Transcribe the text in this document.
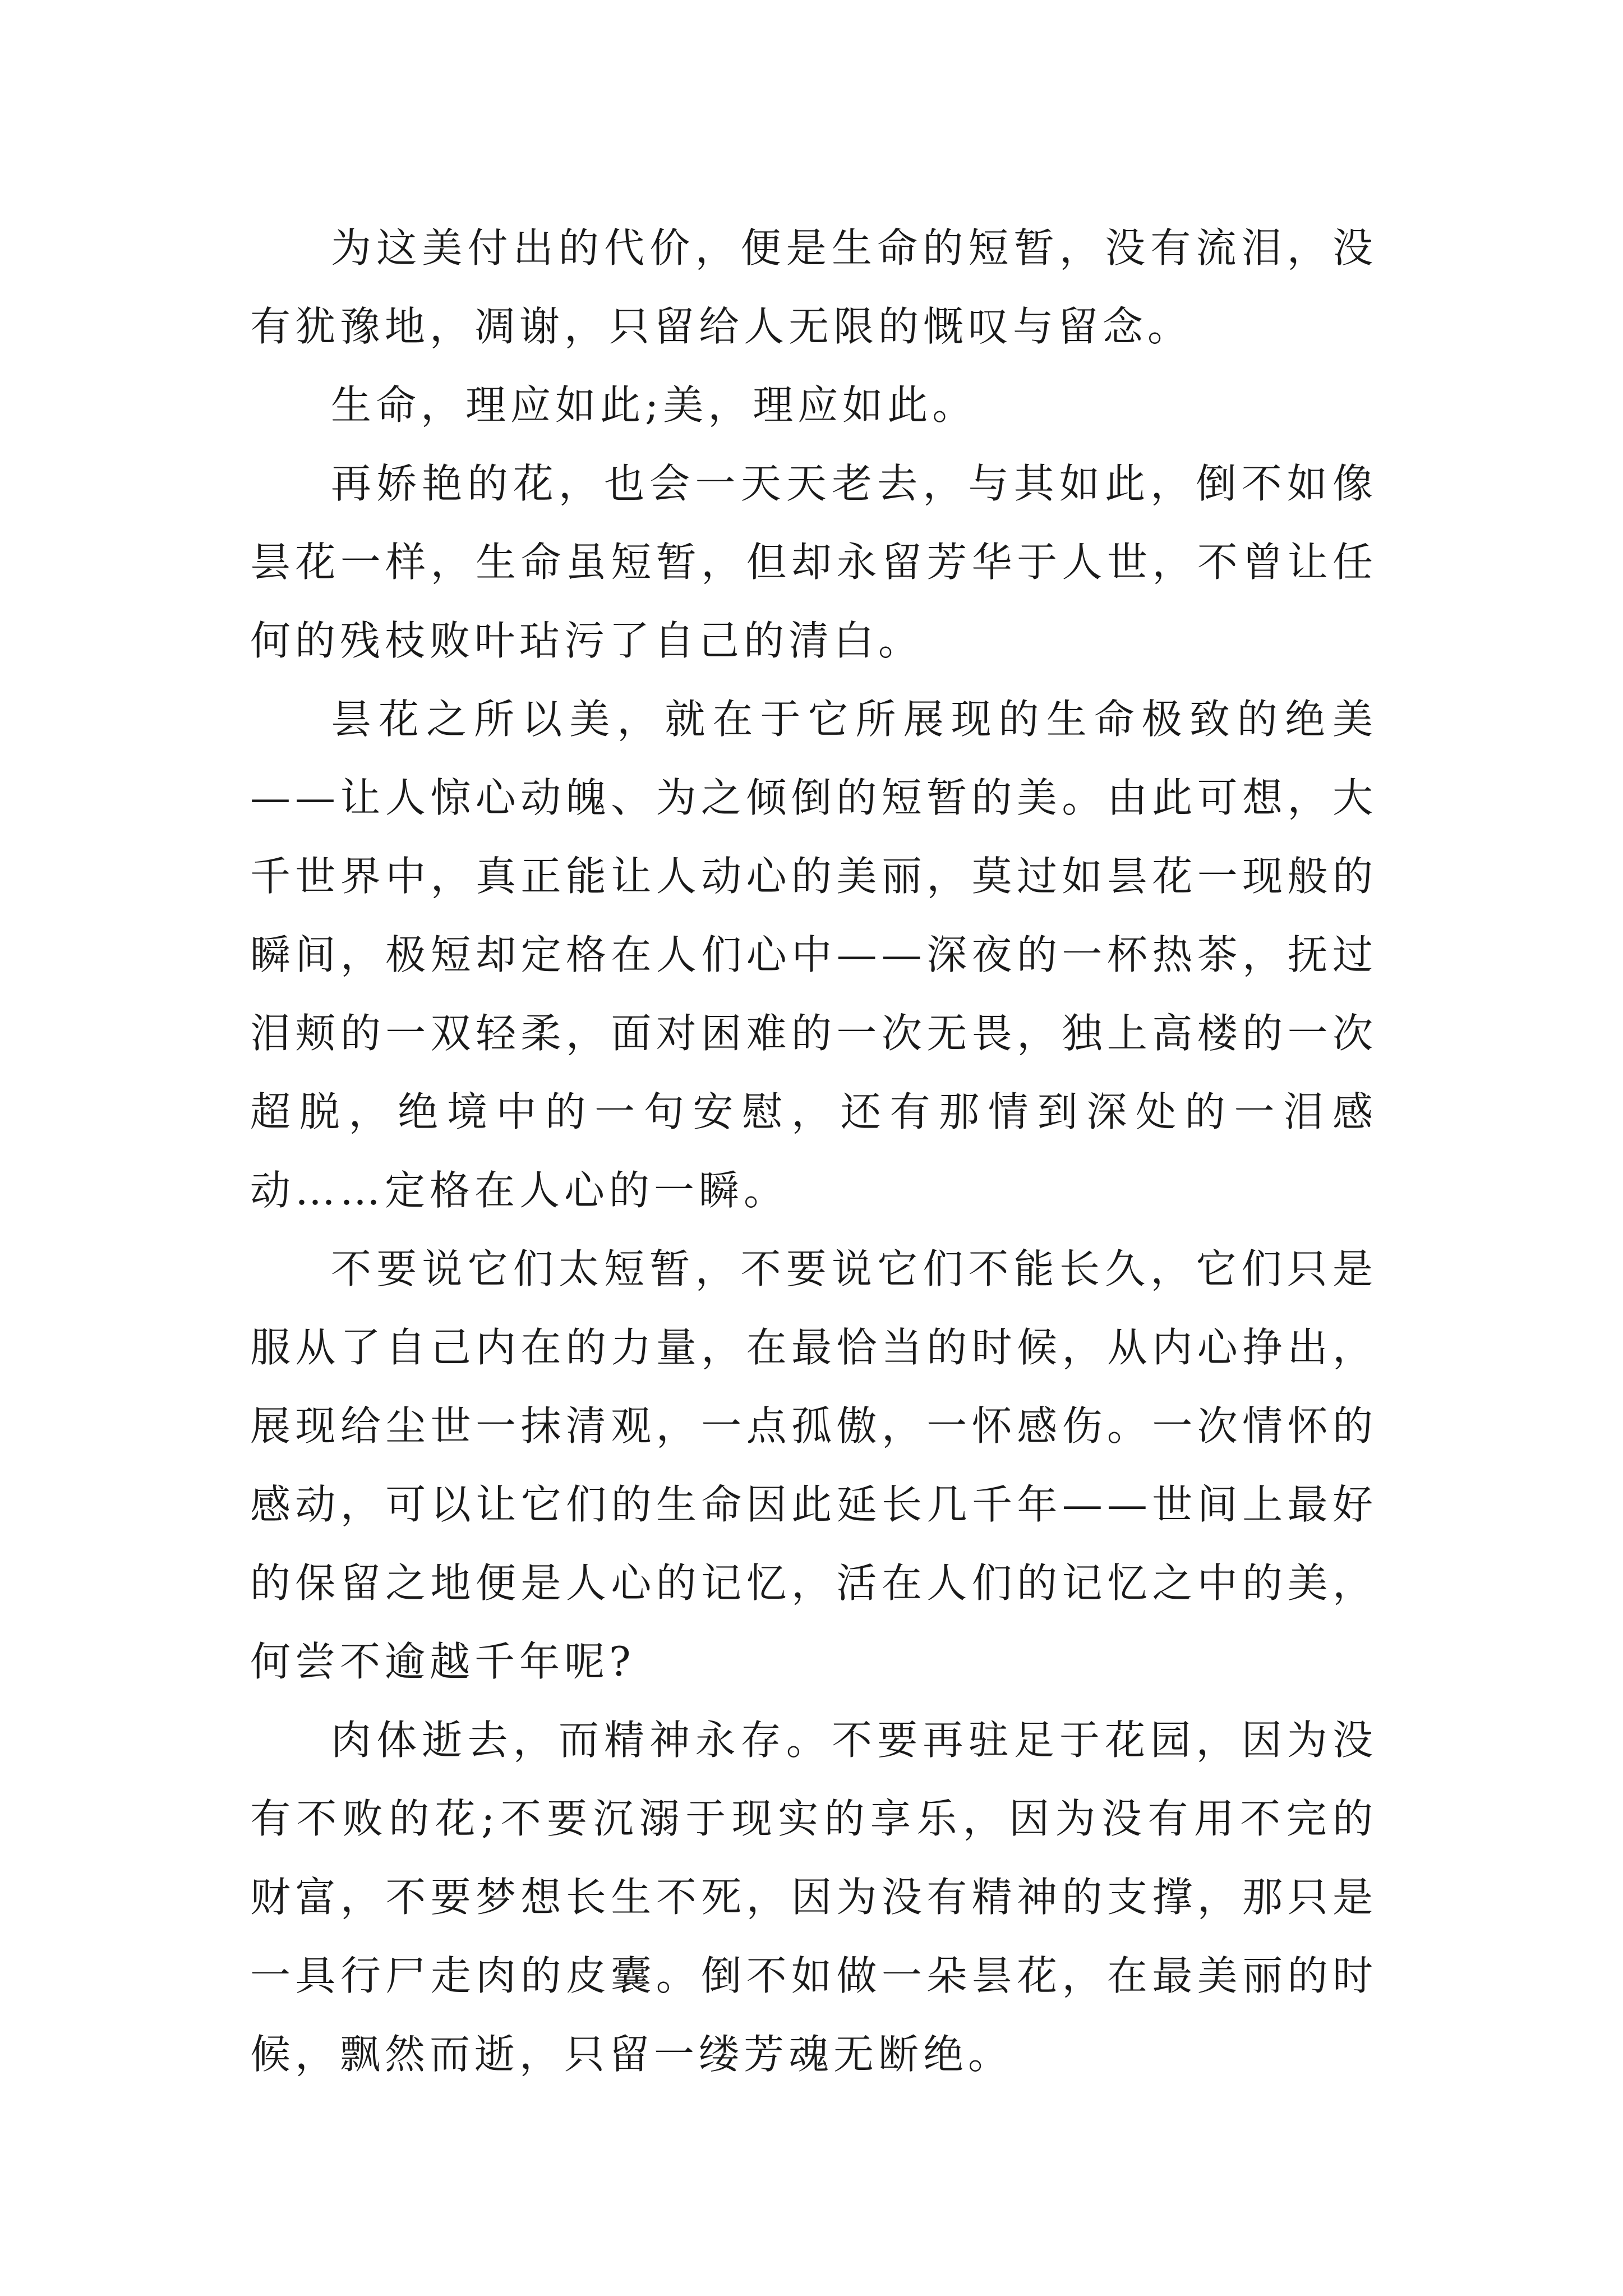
为这美付出的代价，便是生命的短暂，没有流泪，没有犹豫地，凋谢，只留给人无限的慨叹与留念。

生命，理应如此;美，理应如此。

再娇艳的花，也会一天天老去，与其如此，倒不如像昙花一样，生命虽短暂，但却永留芳华于人世，不曾让任何的残枝败叶玷污了自己的清白。

昙花之所以美，就在于它所展现的生命极致的绝美——让人惊心动魄、为之倾倒的短暂的美。由此可想，大千世界中，真正能让人动心的美丽，莫过如昙花一现般的瞬间，极短却定格在人们心中——深夜的一杯热茶，抚过泪颊的一双轻柔，面对困难的一次无畏，独上高楼的一次超脱，绝境中的一句安慰，还有那情到深处的一泪感动……定格在人心的一瞬。

不要说它们太短暂，不要说它们不能长久，它们只是服从了自己内在的力量，在最恰当的时候，从内心挣出，展现给尘世一抹清观，一点孤傲，一怀感伤。一次情怀的感动，可以让它们的生命因此延长几千年——世间上最好的保留之地便是人心的记忆，活在人们的记忆之中的美，何尝不逾越千年呢?

肉体逝去，而精神永存。不要再驻足于花园，因为没有不败的花;不要沉溺于现实的享乐，因为没有用不完的财富，不要梦想长生不死，因为没有精神的支撑，那只是一具行尸走肉的皮囊。倒不如做一朵昙花，在最美丽的时候，飘然而逝，只留一缕芳魂无断绝。
